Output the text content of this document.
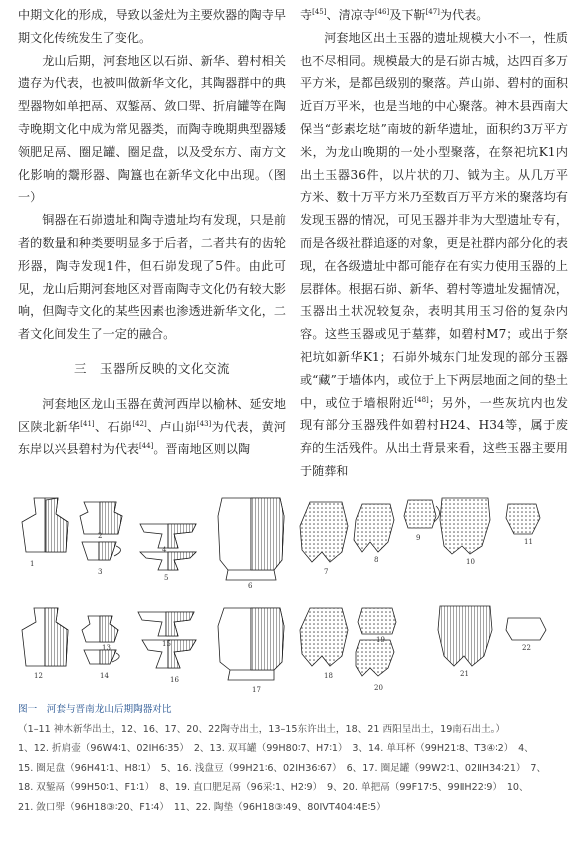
中期文化的形成，导致以釜灶为主要炊器的陶寺早期文化传统发生了变化。

龙山后期，河套地区以石峁、新华、碧村相关遗存为代表，也被叫做新华文化，其陶器群中的典型器物如单把鬲、双錾鬲、敛口斝、折肩罐等在陶寺晚期文化中成为常见器类，而陶寺晚期典型器矮领肥足鬲、圈足罐、圈足盘，以及受东方、南方文化影响的鬶形器、陶簋也在新华文化中出现。（图一）

铜器在石峁遗址和陶寺遗址均有发现，只是前者的数量和种类要明显多于后者，二者共有的齿轮形器，陶寺发现1件，但石峁发现了5件。由此可见，龙山后期河套地区对晋南陶寺文化仍有较大影响，但陶寺文化的某些因素也渗透进新华文化，二者文化间发生了一定的融合。

三　玉器所反映的文化交流

河套地区龙山玉器在黄河西岸以榆林、延安地区陕北新华[41]、石峁[42]、卢山峁[43]为代表，黄河东岸以兴县碧村为代表[44]。晋南地区则以陶

寺[45]、清凉寺[46]及下靳[47]为代表。

河套地区出土玉器的遗址规模大小不一，性质也不尽相同。规模最大的是石峁古城，达四百多万平方米，是都邑级别的聚落。芦山峁、碧村的面积近百万平米，也是当地的中心聚落。神木县西南大保当“彭素圪垯”南坡的新华遗址，面积约3万平方米，为龙山晚期的一处小型聚落，在祭祀坑K1内出土玉器36件，以片状的刀、钺为主。从几万平方米、数十万平方米乃至数百万平方米的聚落均有发现玉器的情况，可见玉器并非为大型遗址专有，而是各级社群追逐的对象，更是社群内部分化的表现，在各级遗址中都可能存在有实力使用玉器的上层群体。根据石峁、新华、碧村等遗址发掘情况，玉器出土状况较复杂，表明其用玉习俗的复杂内容。这些玉器或见于墓葬，如碧村M7；或出于祭祀坑如新华K1；石峁外城东门址发现的部分玉器或“藏”于墙体内，或位于上下两层地面之间的垫土中，或位于墙根附近[48]；另外，一些灰坑内也发现有部分玉器残件如碧村H24、H34等，属于废弃的生活残件。从出土背景来看，这些玉器主要用于随葬和

1
2
3
4
5
6
7
8
9
10
11
12
13
14
15
16
17
18
19
20
21
22
图一　河套与晋南龙山后期陶器对比
（1–11 神木新华出土，12、16、17、20、22陶寺出土，13–15东许出土，18、21 西阳呈出土，19南石出土。）
1、12. 折肩壶（96W4∶1、02IH6∶35）　2、13. 双耳罐（99H80∶7、H7∶1）　3、14. 单耳杯（99H21∶8、T3④∶2）　4、
15. 圈足盘（96H41∶1、H8∶1）　5、16. 浅盘豆（99H21∶6、02IH36∶67）　6、17. 圈足罐（99W2∶1、02ⅡH34∶21）　7、
18. 双錾鬲（99H50∶1、F1∶1）　8、19. 直口肥足鬲（96采∶1、H2∶9）　9、20. 单把鬲（99F17∶5、99ⅡH22∶9）　10、
21. 敛口斝（96H18③∶20、F1∶4）　11、22. 陶垫（96H18③∶49、80ⅠVT404∶4E∶5）
